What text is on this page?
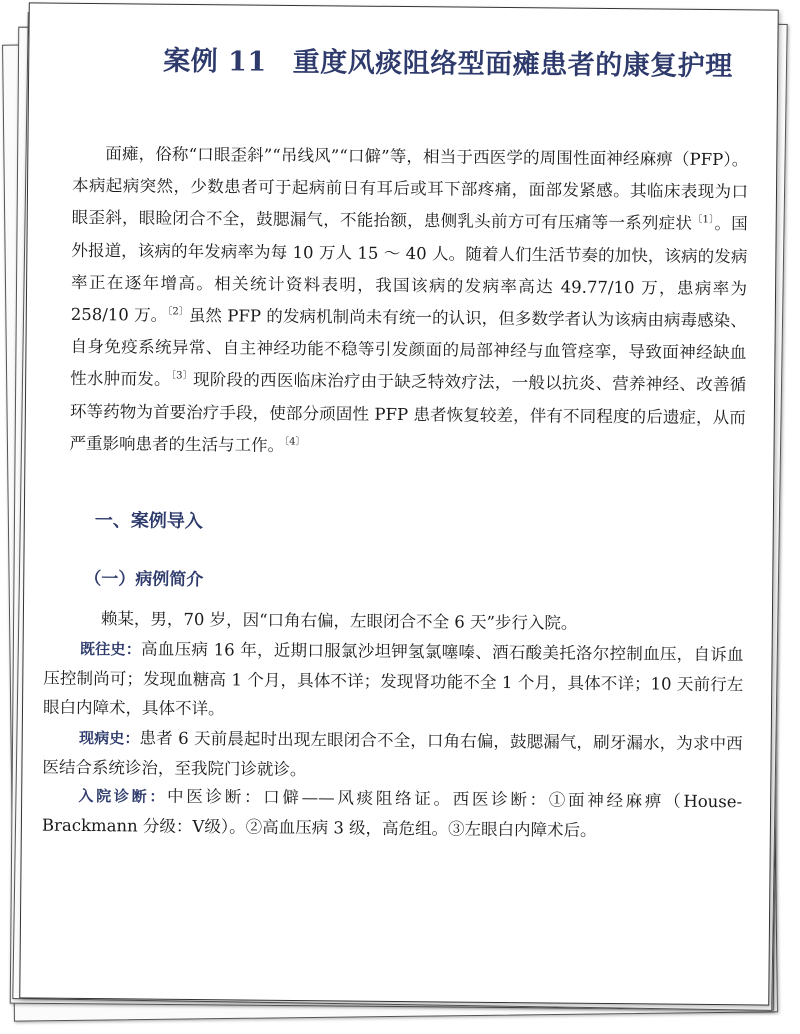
案例 11 重度风痰阻络型面瘫患者的康复护理

面瘫，俗称“口眼歪斜”“吊线风”“口僻”等，相当于西医学的周围性面神经麻痹（PFP）。本病起病突然，少数患者可于起病前日有耳后或耳下部疼痛，面部发紧感。其临床表现为口眼歪斜，眼睑闭合不全，鼓腮漏气，不能抬额，患侧乳头前方可有压痛等一系列症状$^{〔1〕}$。国外报道，该病的年发病率为每 10 万人 15 ～ 40 人。随着人们生活节奏的加快，该病的发病率正在逐年增高。相关统计资料表明，我国该病的发病率高达 49.77/10 万，患病率为 258/10 万。$^{〔2〕}$虽然 PFP 的发病机制尚未有统一的认识，但多数学者认为该病由病毒感染、自身免疫系统异常、自主神经功能不稳等引发颜面的局部神经与血管痉挛，导致面神经缺血性水肿而发。$^{〔3〕}$现阶段的西医临床治疗由于缺乏特效疗法，一般以抗炎、营养神经、改善循环等药物为首要治疗手段，使部分顽固性 PFP 患者恢复较差，伴有不同程度的后遗症，从而严重影响患者的生活与工作。$^{〔4〕}$

一、案例导入
（一）病例简介

赖某，男，70 岁，因“口角右偏，左眼闭合不全 6 天”步行入院。

既往史：高血压病 16 年，近期口服氯沙坦钾氢氯噻嗪、酒石酸美托洛尔控制血压，自诉血压控制尚可；发现血糖高 1 个月，具体不详；发现肾功能不全 1 个月，具体不详；10 天前行左眼白内障术，具体不详。

现病史：患者 6 天前晨起时出现左眼闭合不全，口角右偏，鼓腮漏气，刷牙漏水，为求中西医结合系统诊治，至我院门诊就诊。

入院诊断：中医诊断：口僻——风痰阻络证。西医诊断：①面神经麻痹（House-Brackmann 分级：Ⅴ级）。②高血压病 3 级，高危组。③左眼白内障术后。
